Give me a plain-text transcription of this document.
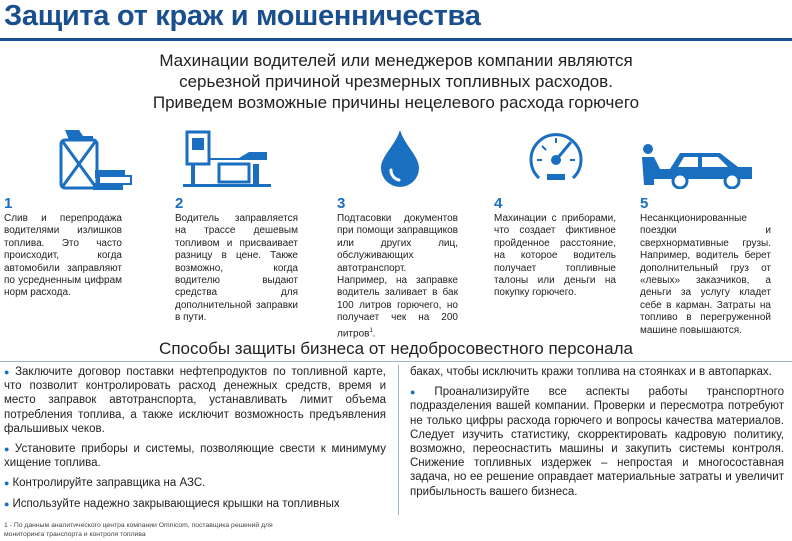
Защита от краж и мошенничества
Махинации водителей или менеджеров компании являются
серьезной причиной чрезмерных топливных расходов.
Приведем возможные причины нецелевого расхода горючего
1
Слив и перепродажа водителями излишков топлива. Это часто происходит, когда автомобили заправляют по усредненным цифрам норм расхода.
2
Водитель заправляется на трассе дешевым топливом и присваивает разницу в цене. Также возможно, когда водителю выдают средства для дополнительной заправки в пути.
3
Подтасовки документов при помощи заправщиков или других лиц, обслуживающих автотранспорт. Например, на заправке водитель заливает в бак 100 литров горючего, но получает чек на 200 литров$^1$.
4
Махинации с приборами, что создает фиктивное пройденное расстояние, на которое водитель получает топливные талоны или деньги на покупку горючего.
5
Несанкционированные поездки и сверхнормативные грузы. Например, водитель берет дополнительный груз от «левых» заказчиков, а деньги за услугу кладет себе в карман. Затраты на топливо в перегруженной машине повышаются.
Способы защиты бизнеса от недобросовестного персонала

● Заключите договор поставки нефтепродуктов по топливной карте, что позволит контролировать расход денежных средств, время и место заправок автотранспорта, устанавливать лимит объема потребления топлива, а также исключит возможность предъявления фальшивых чеков.

● Установите приборы и системы, позволяющие свести к минимуму хищение топлива.

● Контролируйте заправщика на АЗС.

● Используйте надежно закрывающиеся крышки на топливных

баках, чтобы исключить кражи топлива на стоянках и в автопарках.

● Проанализируйте все аспекты работы транспортного подразделения вашей компании. Проверки и пересмотра потребуют не только цифры расхода горючего и вопросы качества материалов. Следует изучить статистику, скорректировать кадровую политику, возможно, переоснастить машины и закупить системы контроля. Снижение топливных издержек – непростая и многосоставная задача, но ее решение оправдает материальные затраты и увеличит прибыльность вашего бизнеса.

1 - По данным аналитического центра компании Omnicom, поставщика решений для мониторинга транспорта и контроля топлива
